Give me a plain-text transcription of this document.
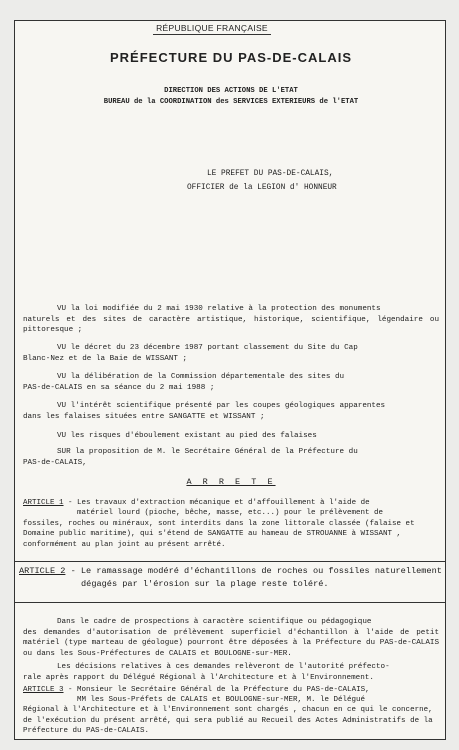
RÉPUBLIQUE FRANÇAISE
PRÉFECTURE DU PAS-DE-CALAIS
DIRECTION DES ACTIONS DE L'ETAT
BUREAU de la COORDINATION des SERVICES EXTERIEURS de l'ETAT
LE PREFET DU PAS-DE-CALAIS,
OFFICIER de la LEGION d' HONNEUR
VU la loi modifiée du 2 mai 1930 relative à la protection des monuments
naturels et des sites de caractère artistique, historique, scientifique, légendaire ou pittoresque ;
VU le décret du 23 décembre 1987 portant classement du Site du Cap
Blanc-Nez et de la Baie de WISSANT ;
VU la délibération de la Commission départementale des sites du
PAS-de-CALAIS en sa séance du 2 mai 1988 ;
VU l'intérêt scientifique présenté par les coupes géologiques apparentes
dans les falaises situées entre SANGATTE et WISSANT ;
VU les risques d'éboulement existant au pied des falaises
SUR la proposition de M. le Secrétaire Général de la Préfecture du
PAS-de-CALAIS,
A R R E T E
ARTICLE 1 - Les travaux d'extraction mécanique et d'affouillement à l'aide de
matériel lourd (pioche, bêche, masse, etc...) pour le prélèvement de
fossiles, roches ou minéraux, sont interdits dans la zone littorale classée (falaise et Domaine public maritime), qui s'étend de SANGATTE au hameau de STROUANNE à WISSANT , conformément au plan joint au présent arrêté.
ARTICLE 2 - Le ramassage modéré d'échantillons de roches ou fossiles naturellement
dégagés par l'érosion sur la plage reste toléré.
Dans le cadre de prospections à caractère scientifique ou pédagogique
des demandes d'autorisation de prélèvement superficiel d'échantillon à l'aide de petit matériel (type marteau de géologue) pourront être déposées à la Préfecture du PAS-de-CALAIS ou dans les Sous-Préfectures de CALAIS et BOULOGNE-sur-MER.
Les décisions relatives à ces demandes relèveront de l'autorité préfecto-
rale après rapport du Délégué Régional à l'Architecture et à l'Environnement.
ARTICLE 3 - Monsieur le Secrétaire Général de la Préfecture du PAS-de-CALAIS,
MM les Sous-Préfets de CALAIS et BOULOGNE-sur-MER, M. le Délégué
Régional à l'Architecture et à l'Environnement sont chargés , chacun en ce qui le concerne, de l'exécution du présent arrêté, qui sera publié au Recueil des Actes Administratifs de la Préfecture du PAS-de-CALAIS.
